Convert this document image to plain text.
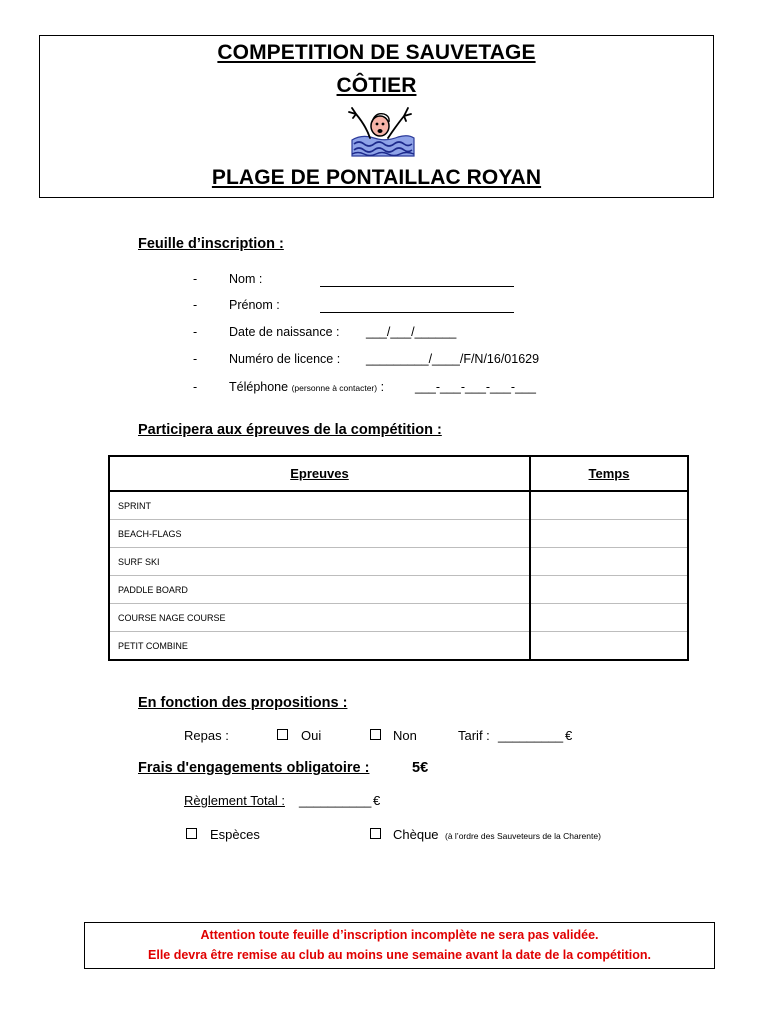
COMPETITION DE SAUVETAGE
CÔTIER
PLAGE DE PONTAILLAC ROYAN
Feuille d’inscription :
-	Nom :
-	Prénom :
-	Date de naissance : ___/___/______
-	Numéro de licence : _________/____/F/N/16/01629
-	Téléphone (personne à contacter) : ___-___-___-___-___
Participera aux épreuves de la compétition :
Epreuves	Temps
SPRINT	
BEACH-FLAGS	
SURF SKI	
PADDLE BOARD	
COURSE NAGE COURSE	
PETIT COMBINE	
En fonction des propositions :
Repas :	Oui	Non	Tarif : _________ €
Frais d'engagements obligatoire :	5€
Règlement Total : __________ €
Espèces	Chèque (à l’ordre des Sauveteurs de la Charente)
Attention toute feuille d’inscription incomplète ne sera pas validée.
Elle devra être remise au club au moins une semaine avant la date de la compétition.
